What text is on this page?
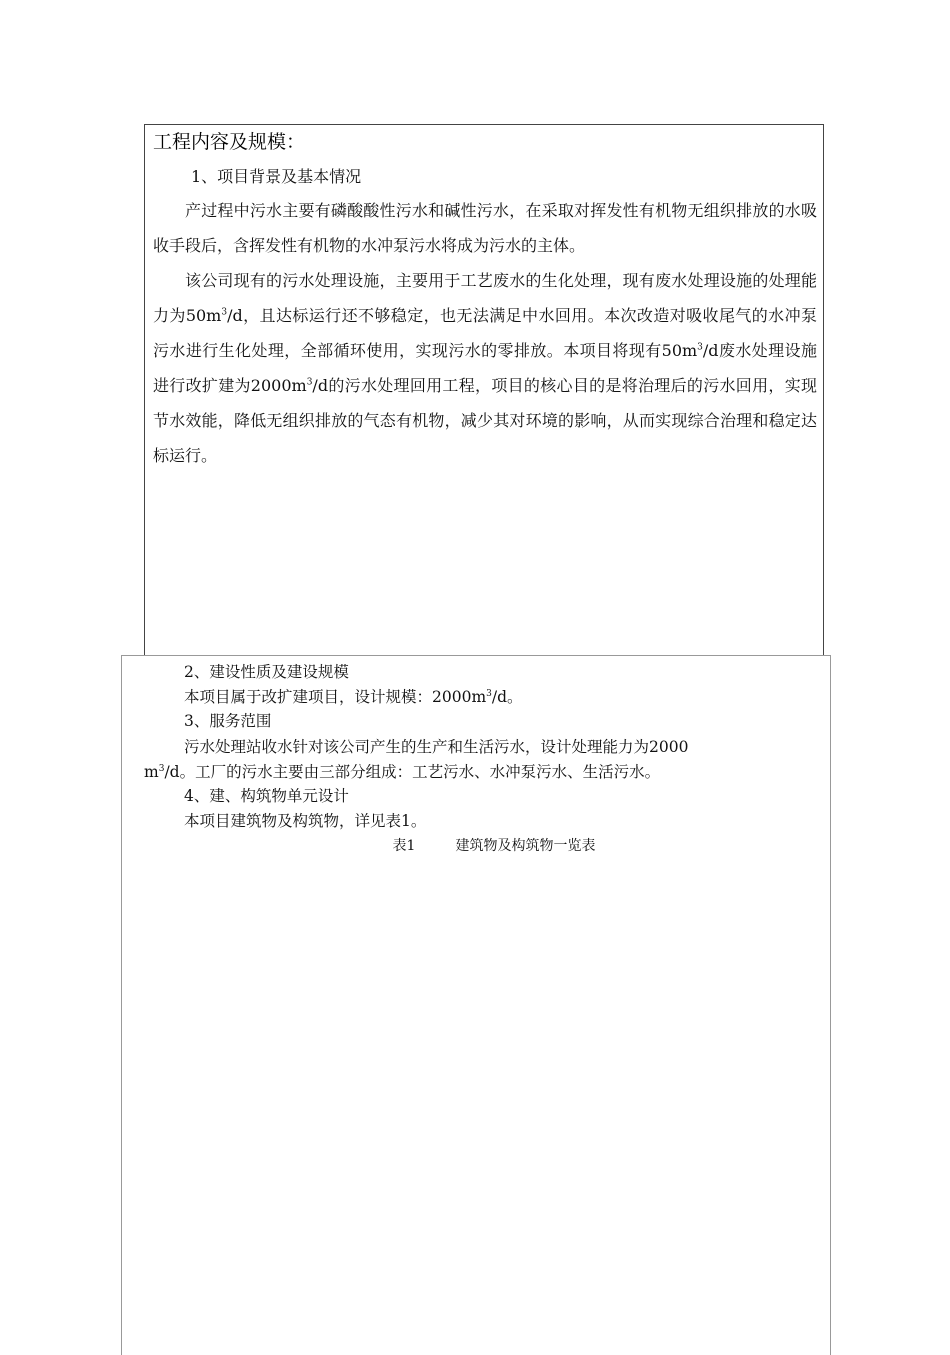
工程内容及规模：
1、项目背景及基本情况

产过程中污水主要有磷酸酸性污水和碱性污水，在采取对挥发性有机物无组织排放的水吸收手段后，含挥发性有机物的水冲泵污水将成为污水的主体。

该公司现有的污水处理设施，主要用于工艺废水的生化处理，现有废水处理设施的处理能力为$50m^3/d$，且达标运行还不够稳定，也无法满足中水回用。本次改造对吸收尾气的水冲泵污水进行生化处理，全部循环使用，实现污水的零排放。本项目将现有$50m^3/d$废水处理设施进行改扩建为$2000m^3/d$的污水处理回用工程，项目的核心目的是将治理后的污水回用，实现节水效能，降低无组织排放的气态有机物，减少其对环境的影响，从而实现综合治理和稳定达标运行。

2、建设性质及建设规模
本项目属于改扩建项目，设计规模：$2000m^3/d$。
3、服务范围
污水处理站收水针对该公司产生的生产和生活污水，设计处理能力为2000
$m^3/d$。工厂的污水主要由三部分组成：工艺污水、水冲泵污水、生活污水。
4、建、构筑物单元设计
本项目建筑物及构筑物，详见表1。
表1	建筑物及构筑物一览表
